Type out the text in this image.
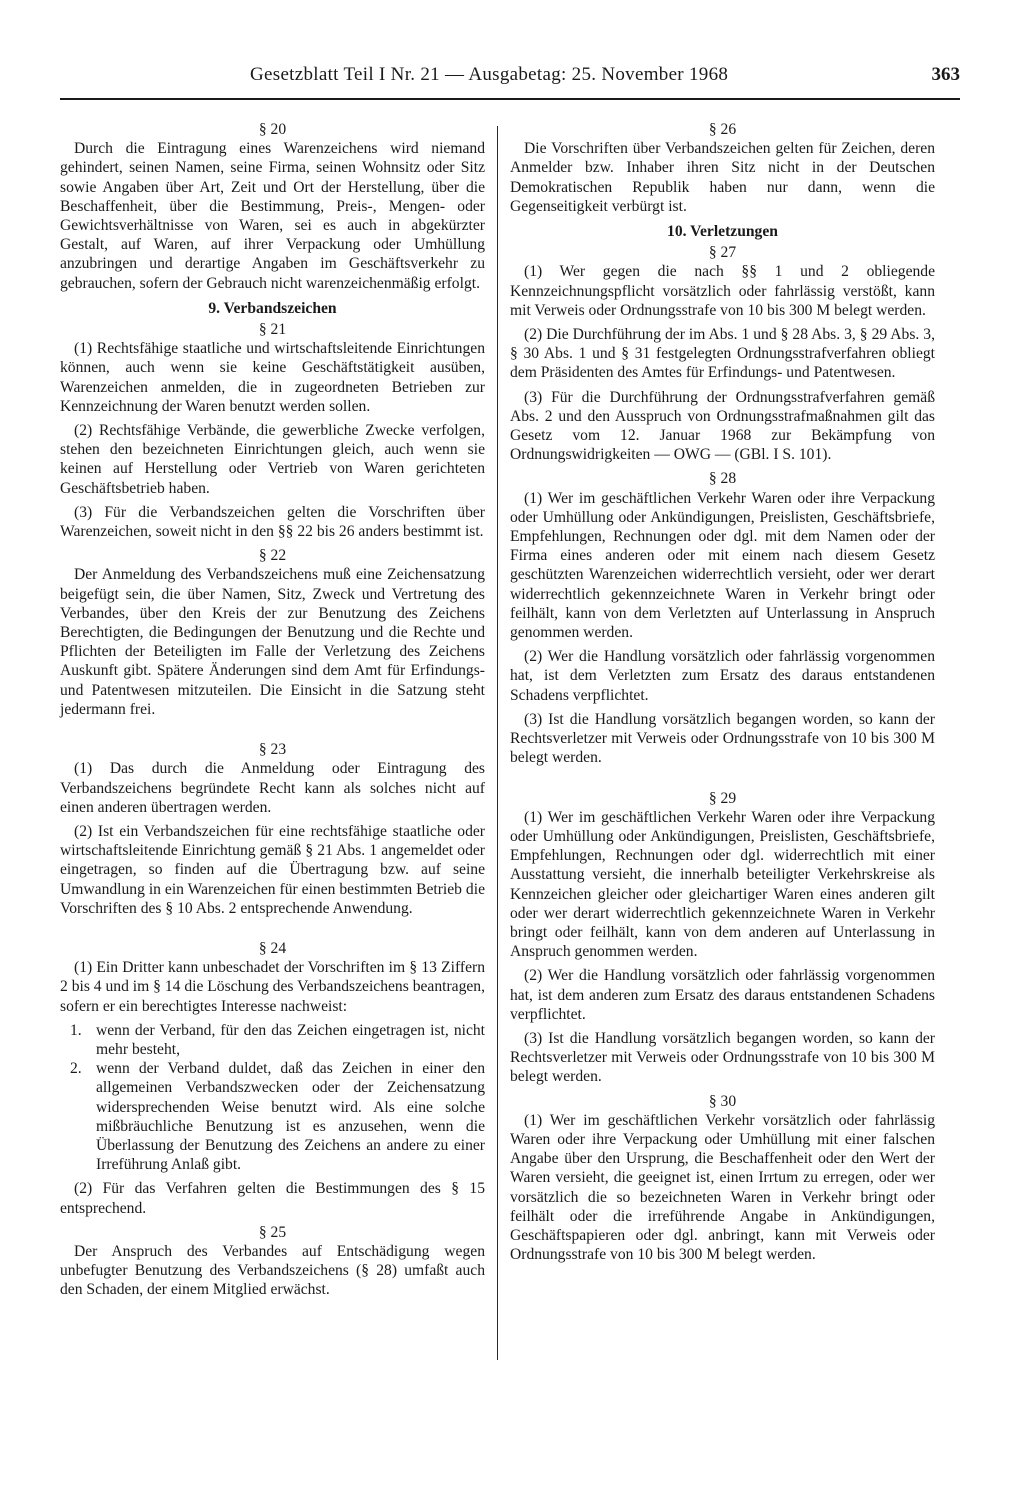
Gesetzblatt Teil I Nr. 21 — Ausgabetag: 25. November 1968	363
§ 20

Durch die Eintragung eines Warenzeichens wird niemand gehindert, seinen Namen, seine Firma, seinen Wohnsitz oder Sitz sowie Angaben über Art, Zeit und Ort der Herstellung, über die Beschaffenheit, über die Bestimmung, Preis-, Mengen- oder Gewichtsverhältnisse von Waren, sei es auch in abgekürzter Gestalt, auf Waren, auf ihrer Verpackung oder Umhüllung anzubringen und derartige Angaben im Geschäftsverkehr zu gebrauchen, sofern der Gebrauch nicht warenzeichenmäßig erfolgt.

9. Verbandszeichen
§ 21

(1) Rechtsfähige staatliche und wirtschaftsleitende Einrichtungen können, auch wenn sie keine Geschäftstätigkeit ausüben, Warenzeichen anmelden, die in zugeordneten Betrieben zur Kennzeichnung der Waren benutzt werden sollen.

(2) Rechtsfähige Verbände, die gewerbliche Zwecke verfolgen, stehen den bezeichneten Einrichtungen gleich, auch wenn sie keinen auf Herstellung oder Vertrieb von Waren gerichteten Geschäftsbetrieb haben.

(3) Für die Verbandszeichen gelten die Vorschriften über Warenzeichen, soweit nicht in den §§ 22 bis 26 anders bestimmt ist.

§ 22

Der Anmeldung des Verbandszeichens muß eine Zeichensatzung beigefügt sein, die über Namen, Sitz, Zweck und Vertretung des Verbandes, über den Kreis der zur Benutzung des Zeichens Berechtigten, die Bedingungen der Benutzung und die Rechte und Pflichten der Beteiligten im Falle der Verletzung des Zeichens Auskunft gibt. Spätere Änderungen sind dem Amt für Erfindungs- und Patentwesen mitzuteilen. Die Einsicht in die Satzung steht jedermann frei.

§ 23

(1) Das durch die Anmeldung oder Eintragung des Verbandszeichens begründete Recht kann als solches nicht auf einen anderen übertragen werden.

(2) Ist ein Verbandszeichen für eine rechtsfähige staatliche oder wirtschaftsleitende Einrichtung gemäß § 21 Abs. 1 angemeldet oder eingetragen, so finden auf die Übertragung bzw. auf seine Umwandlung in ein Warenzeichen für einen bestimmten Betrieb die Vorschriften des § 10 Abs. 2 entsprechende Anwendung.

§ 24

(1) Ein Dritter kann unbeschadet der Vorschriften im § 13 Ziffern 2 bis 4 und im § 14 die Löschung des Verbandszeichens beantragen, sofern er ein berechtigtes Interesse nachweist:

1. wenn der Verband, für den das Zeichen eingetragen ist, nicht mehr besteht,
2. wenn der Verband duldet, daß das Zeichen in einer den allgemeinen Verbandszwecken oder der Zeichensatzung widersprechenden Weise benutzt wird. Als eine solche mißbräuchliche Benutzung ist es anzusehen, wenn die Überlassung der Benutzung des Zeichens an andere zu einer Irreführung Anlaß gibt.

(2) Für das Verfahren gelten die Bestimmungen des § 15 entsprechend.

§ 25

Der Anspruch des Verbandes auf Entschädigung wegen unbefugter Benutzung des Verbandszeichens (§ 28) umfaßt auch den Schaden, der einem Mitglied erwächst.

§ 26

Die Vorschriften über Verbandszeichen gelten für Zeichen, deren Anmelder bzw. Inhaber ihren Sitz nicht in der Deutschen Demokratischen Republik haben nur dann, wenn die Gegenseitigkeit verbürgt ist.

10. Verletzungen
§ 27

(1) Wer gegen die nach §§ 1 und 2 obliegende Kennzeichnungspflicht vorsätzlich oder fahrlässig verstößt, kann mit Verweis oder Ordnungsstrafe von 10 bis 300 M belegt werden.

(2) Die Durchführung der im Abs. 1 und § 28 Abs. 3, § 29 Abs. 3, § 30 Abs. 1 und § 31 festgelegten Ordnungsstrafverfahren obliegt dem Präsidenten des Amtes für Erfindungs- und Patentwesen.

(3) Für die Durchführung der Ordnungsstrafverfahren gemäß Abs. 2 und den Ausspruch von Ordnungsstrafmaßnahmen gilt das Gesetz vom 12. Januar 1968 zur Bekämpfung von Ordnungswidrigkeiten — OWG — (GBl. I S. 101).

§ 28

(1) Wer im geschäftlichen Verkehr Waren oder ihre Verpackung oder Umhüllung oder Ankündigungen, Preislisten, Geschäftsbriefe, Empfehlungen, Rechnungen oder dgl. mit dem Namen oder der Firma eines anderen oder mit einem nach diesem Gesetz geschützten Warenzeichen widerrechtlich versieht, oder wer derart widerrechtlich gekennzeichnete Waren in Verkehr bringt oder feilhält, kann von dem Verletzten auf Unterlassung in Anspruch genommen werden.

(2) Wer die Handlung vorsätzlich oder fahrlässig vorgenommen hat, ist dem Verletzten zum Ersatz des daraus entstandenen Schadens verpflichtet.

(3) Ist die Handlung vorsätzlich begangen worden, so kann der Rechtsverletzer mit Verweis oder Ordnungsstrafe von 10 bis 300 M belegt werden.

§ 29

(1) Wer im geschäftlichen Verkehr Waren oder ihre Verpackung oder Umhüllung oder Ankündigungen, Preislisten, Geschäftsbriefe, Empfehlungen, Rechnungen oder dgl. widerrechtlich mit einer Ausstattung versieht, die innerhalb beteiligter Verkehrskreise als Kennzeichen gleicher oder gleichartiger Waren eines anderen gilt oder wer derart widerrechtlich gekennzeichnete Waren in Verkehr bringt oder feilhält, kann von dem anderen auf Unterlassung in Anspruch genommen werden.

(2) Wer die Handlung vorsätzlich oder fahrlässig vorgenommen hat, ist dem anderen zum Ersatz des daraus entstandenen Schadens verpflichtet.

(3) Ist die Handlung vorsätzlich begangen worden, so kann der Rechtsverletzer mit Verweis oder Ordnungsstrafe von 10 bis 300 M belegt werden.

§ 30

(1) Wer im geschäftlichen Verkehr vorsätzlich oder fahrlässig Waren oder ihre Verpackung oder Umhüllung mit einer falschen Angabe über den Ursprung, die Beschaffenheit oder den Wert der Waren versieht, die geeignet ist, einen Irrtum zu erregen, oder wer vorsätzlich die so bezeichneten Waren in Verkehr bringt oder feilhält oder die irreführende Angabe in Ankündigungen, Geschäftspapieren oder dgl. anbringt, kann mit Verweis oder Ordnungsstrafe von 10 bis 300 M belegt werden.
